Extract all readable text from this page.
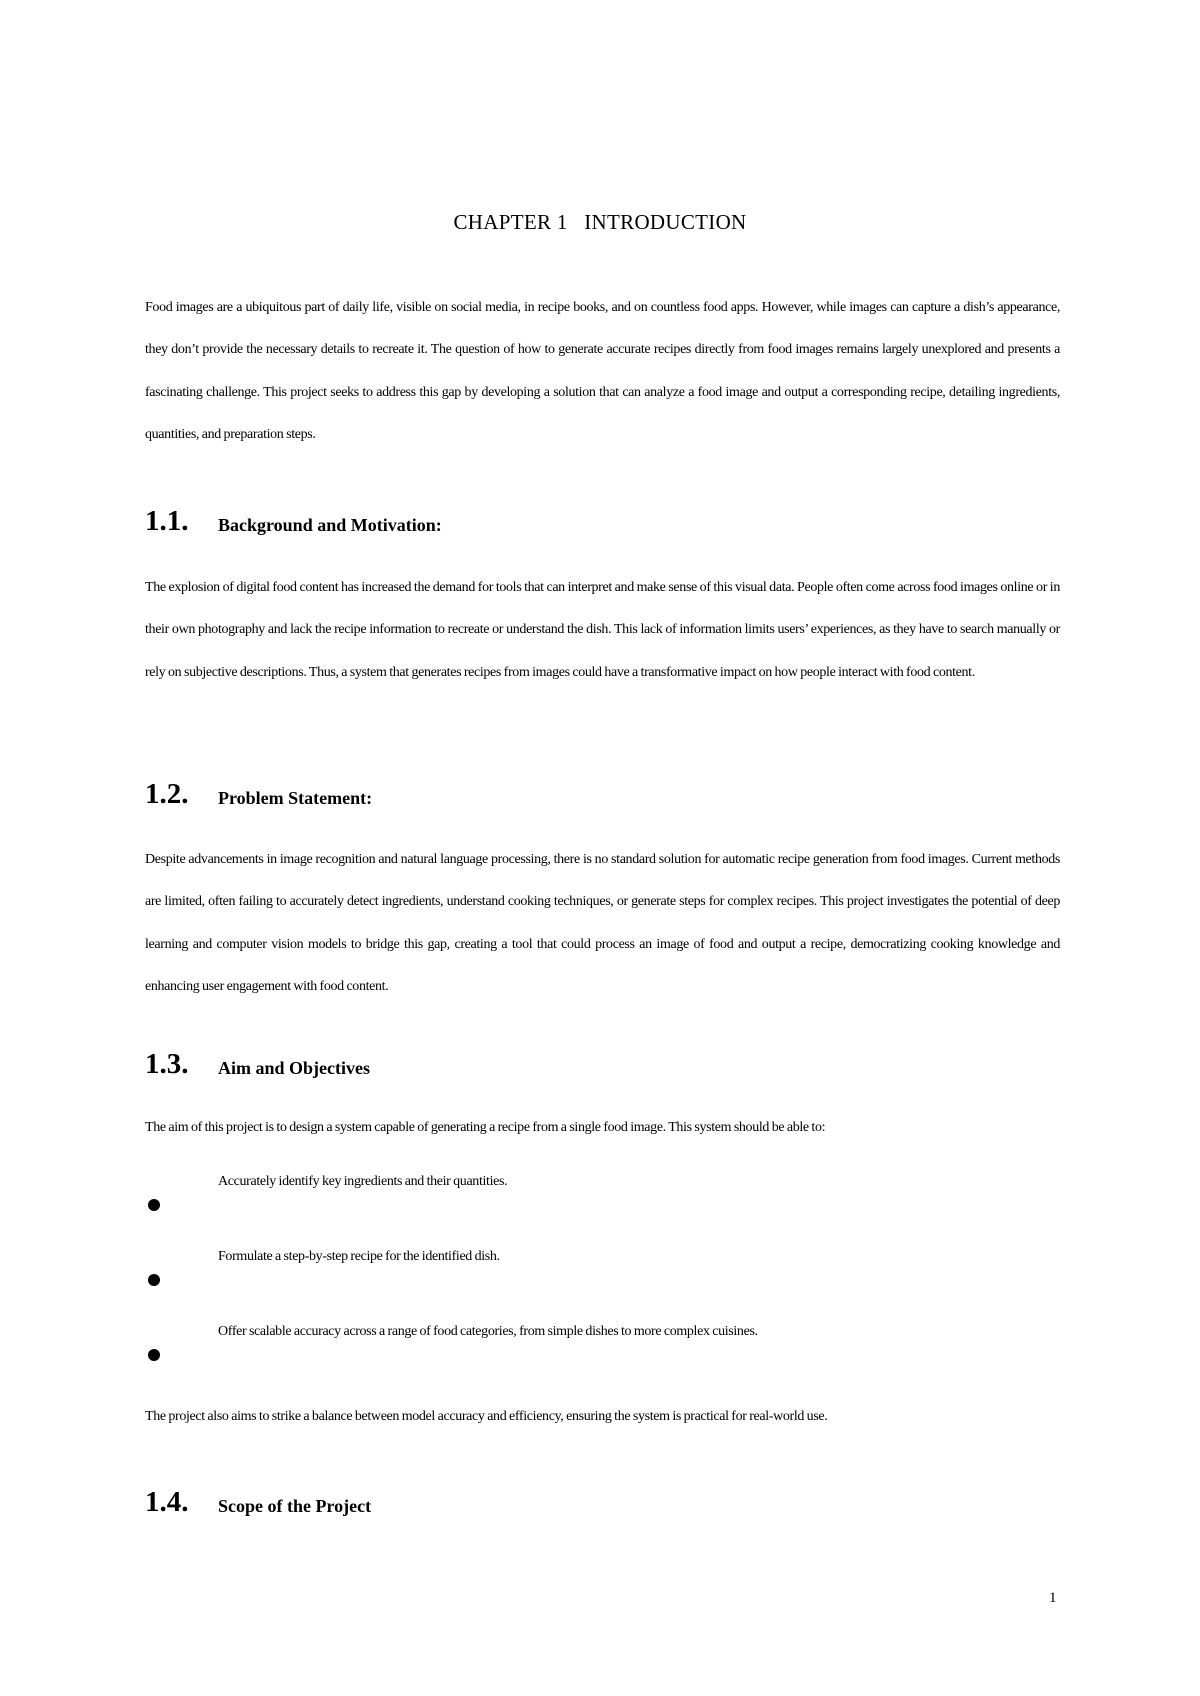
CHAPTER 1   INTRODUCTION

Food images are a ubiquitous part of daily life, visible on social media, in recipe books, and on countless food apps. However, while images can capture a dish’s appearance, they don’t provide the necessary details to recreate it. The question of how to generate accurate recipes directly from food images remains largely unexplored and presents a fascinating challenge. This project seeks to address this gap by developing a solution that can analyze a food image and output a corresponding recipe, detailing ingredients, quantities, and preparation steps.

1.1. Background and Motivation:

The explosion of digital food content has increased the demand for tools that can interpret and make sense of this visual data. People often come across food images online or in their own photography and lack the recipe information to recreate or understand the dish. This lack of information limits users’ experiences, as they have to search manually or rely on subjective descriptions. Thus, a system that generates recipes from images could have a transformative impact on how people interact with food content.

1.2. Problem Statement:

Despite advancements in image recognition and natural language processing, there is no standard solution for automatic recipe generation from food images. Current methods are limited, often failing to accurately detect ingredients, understand cooking techniques, or generate steps for complex recipes. This project investigates the potential of deep learning and computer vision models to bridge this gap, creating a tool that could process an image of food and output a recipe, democratizing cooking knowledge and enhancing user engagement with food content.

1.3. Aim and Objectives

The aim of this project is to design a system capable of generating a recipe from a single food image. This system should be able to:

Accurately identify key ingredients and their quantities.
Formulate a step-by-step recipe for the identified dish.
Offer scalable accuracy across a range of food categories, from simple dishes to more complex cuisines.

The project also aims to strike a balance between model accuracy and efficiency, ensuring the system is practical for real-world use.

1.4. Scope of the Project
1
